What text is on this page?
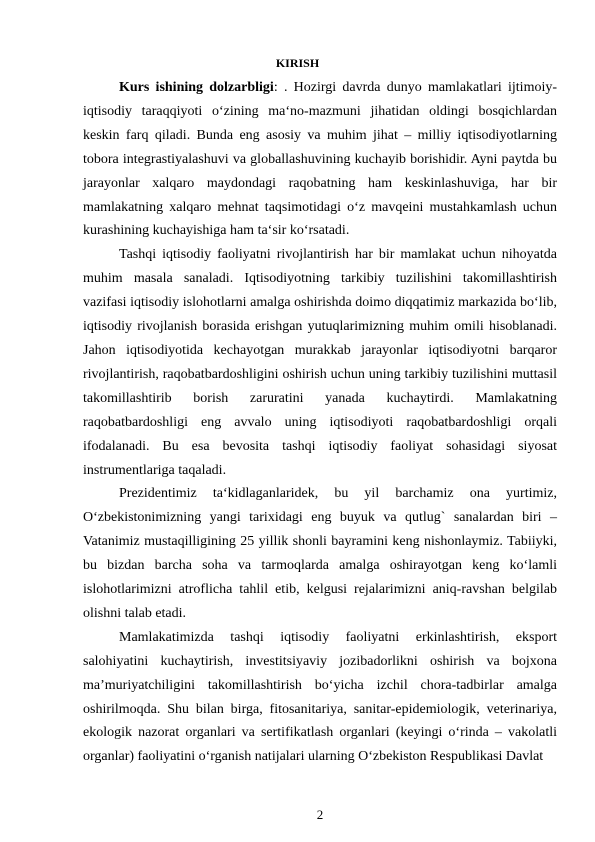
KIRISH

Kurs ishining dolzarbligi: . Hozirgi davrda dunyo mamlakatlari ijtimoiy-iqtisodiy taraqqiyoti o‘zining ma‘no-mazmuni jihatidan oldingi bosqichlardan keskin farq qiladi. Bunda eng asosiy va muhim jihat – milliy iqtisodiyotlarning tobora integrastiyalashuvi va globallashuvining kuchayib borishidir. Ayni paytda bu jarayonlar xalqaro maydondagi raqobatning ham keskinlashuviga, har bir mamlakatning xalqaro mehnat taqsimotidagi o‘z mavqeini mustahkamlash uchun kurashining kuchayishiga ham ta‘sir ko‘rsatadi.

Tashqi iqtisodiy faoliyatni rivojlantirish har bir mamlakat uchun nihoyatda muhim masala sanaladi. Iqtisodiyotning tarkibiy tuzilishini takomillashtirish vazifasi iqtisodiy islohotlarni amalga oshirishda doimo diqqatimiz markazida bo‘lib, iqtisodiy rivojlanish borasida erishgan yutuqlarimizning muhim omili hisoblanadi. Jahon iqtisodiyotida kechayotgan murakkab jarayonlar iqtisodiyotni barqaror rivojlantirish, raqobatbardoshligini oshirish uchun uning tarkibiy tuzilishini muttasil takomillashtirib borish zaruratini yanada kuchaytirdi. Mamlakatning raqobatbardoshligi eng avvalo uning iqtisodiyoti raqobatbardoshligi orqali ifodalanadi. Bu esa bevosita tashqi iqtisodiy faoliyat sohasidagi siyosat instrumentlariga taqaladi.

Prezidentimiz ta‘kidlaganlaridek, bu yil barchamiz ona yurtimiz, O‘zbekistonimizning yangi tarixidagi eng buyuk va qutlug` sanalardan biri – Vatanimiz mustaqilligining 25 yillik shonli bayramini keng nishonlaymiz. Tabiiyki, bu bizdan barcha soha va tarmoqlarda amalga oshirayotgan keng ko‘lamli islohotlarimizni atroflicha tahlil etib, kelgusi rejalarimizni aniq-ravshan belgilab olishni talab etadi.

Mamlakatimizda tashqi iqtisodiy faoliyatni erkinlashtirish, eksport salohiyatini kuchaytirish, investitsiyaviy jozibadorlikni oshirish va bojxona maʼmuriyatchiligini takomillashtirish boʻyicha izchil chora-tadbirlar amalga oshirilmoqda. Shu bilan birga, fitosanitariya, sanitar-epidemiologik, veterinariya, ekologik nazorat organlari va sertifikatlash organlari (keyingi oʻrinda – vakolatli organlar) faoliyatini oʻrganish natijalari ularning Oʻzbekiston Respublikasi Davlat

2
